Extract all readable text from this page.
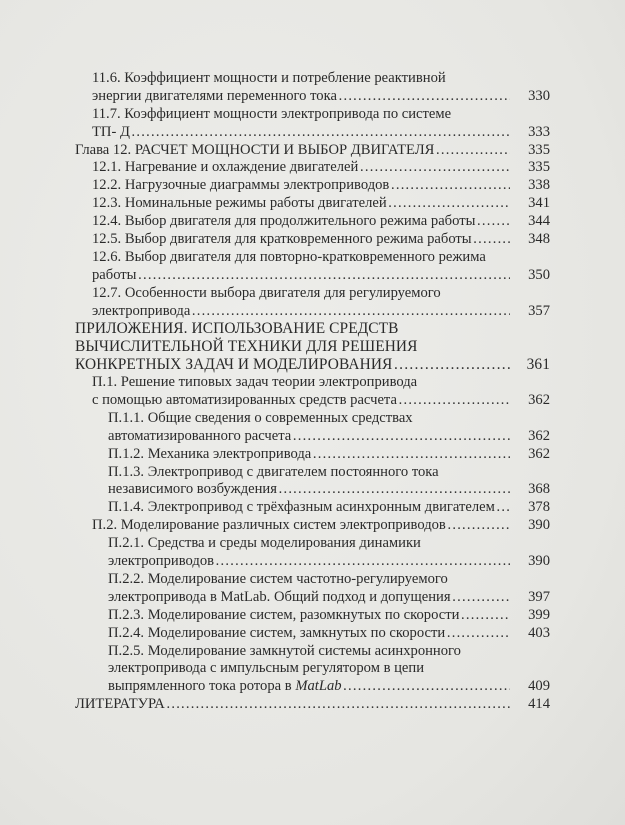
11.6. Коэффициент мощности и потребление реактивной
энергии двигателями переменного тока ……………………………………………………………………………………………………………………………………………	330
11.7. Коэффициент мощности электропривода по системе
ТП- Д ……………………………………………………………………………………………………………………………………………	333
Глава 12. РАСЧЕТ МОЩНОСТИ И ВЫБОР ДВИГАТЕЛЯ ……………………………………………………………………………………………………………………………………………	335
12.1. Нагревание и охлаждение двигателей ……………………………………………………………………………………………………………………………………………	335
12.2. Нагрузочные диаграммы электроприводов ……………………………………………………………………………………………………………………………………………	338
12.3. Номинальные режимы работы двигателей ……………………………………………………………………………………………………………………………………………	341
12.4. Выбор двигателя для продолжительного режима работы ……………………………………………………………………………………………………………………………………………	344
12.5. Выбор двигателя для кратковременного режима работы ……………………………………………………………………………………………………………………………………………	348
12.6. Выбор двигателя для повторно-кратковременного режима
работы ……………………………………………………………………………………………………………………………………………	350
12.7. Особенности выбора двигателя для регулируемого
электропривода ……………………………………………………………………………………………………………………………………………	357
ПРИЛОЖЕНИЯ. ИСПОЛЬЗОВАНИЕ СРЕДСТВ
ВЫЧИСЛИТЕЛЬНОЙ ТЕХНИКИ ДЛЯ РЕШЕНИЯ
КОНКРЕТНЫХ ЗАДАЧ И МОДЕЛИРОВАНИЯ ……………………………………………………………………………………………………………………………………………	361
П.1. Решение типовых задач теории электропривода
с помощью автоматизированных средств расчета ……………………………………………………………………………………………………………………………………………	362
П.1.1. Общие сведения о современных средствах
автоматизированного расчета ……………………………………………………………………………………………………………………………………………	362
П.1.2. Механика электропривода ……………………………………………………………………………………………………………………………………………	362
П.1.3. Электропривод с двигателем постоянного тока
независимого возбуждения ……………………………………………………………………………………………………………………………………………	368
П.1.4. Электропривод с трёхфазным асинхронным двигателем ……………………………………………………………………………………………………………………………………………	378
П.2. Моделирование различных систем электроприводов ……………………………………………………………………………………………………………………………………………	390
П.2.1. Средства и среды моделирования динамики
электроприводов ……………………………………………………………………………………………………………………………………………	390
П.2.2. Моделирование систем частотно-регулируемого
электропривода в MatLab. Общий подход и допущения ……………………………………………………………………………………………………………………………………………	397
П.2.3. Моделирование систем, разомкнутых по скорости ……………………………………………………………………………………………………………………………………………	399
П.2.4. Моделирование систем, замкнутых по скорости ……………………………………………………………………………………………………………………………………………	403
П.2.5. Моделирование замкнутой системы асинхронного
электропривода с импульсным регулятором в цепи
выпрямленного тока ротора в MatLab ……………………………………………………………………………………………………………………………………………	409
ЛИТЕРАТУРА ……………………………………………………………………………………………………………………………………………	414
